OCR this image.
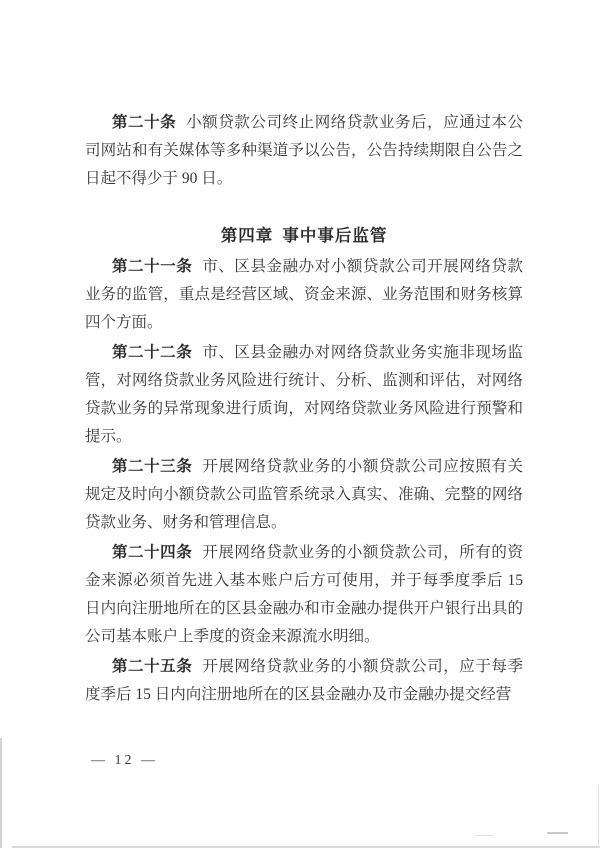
第二十条 小额贷款公司终止网络贷款业务后，应通过本公司网站和有关媒体等多种渠道予以公告，公告持续期限自公告之日起不得少于 90 日。

第四章 事中事后监管

第二十一条 市、区县金融办对小额贷款公司开展网络贷款业务的监管，重点是经营区域、资金来源、业务范围和财务核算四个方面。

第二十二条 市、区县金融办对网络贷款业务实施非现场监管，对网络贷款业务风险进行统计、分析、监测和评估，对网络贷款业务的异常现象进行质询，对网络贷款业务风险进行预警和提示。

第二十三条 开展网络贷款业务的小额贷款公司应按照有关规定及时向小额贷款公司监管系统录入真实、准确、完整的网络贷款业务、财务和管理信息。

第二十四条 开展网络贷款业务的小额贷款公司，所有的资金来源必须首先进入基本账户后方可使用，并于每季度季后 15 日内向注册地所在的区县金融办和市金融办提供开户银行出具的公司基本账户上季度的资金来源流水明细。

第二十五条 开展网络贷款业务的小额贷款公司，应于每季度季后 15 日内向注册地所在的区县金融办及市金融办提交经营

— 12 —
